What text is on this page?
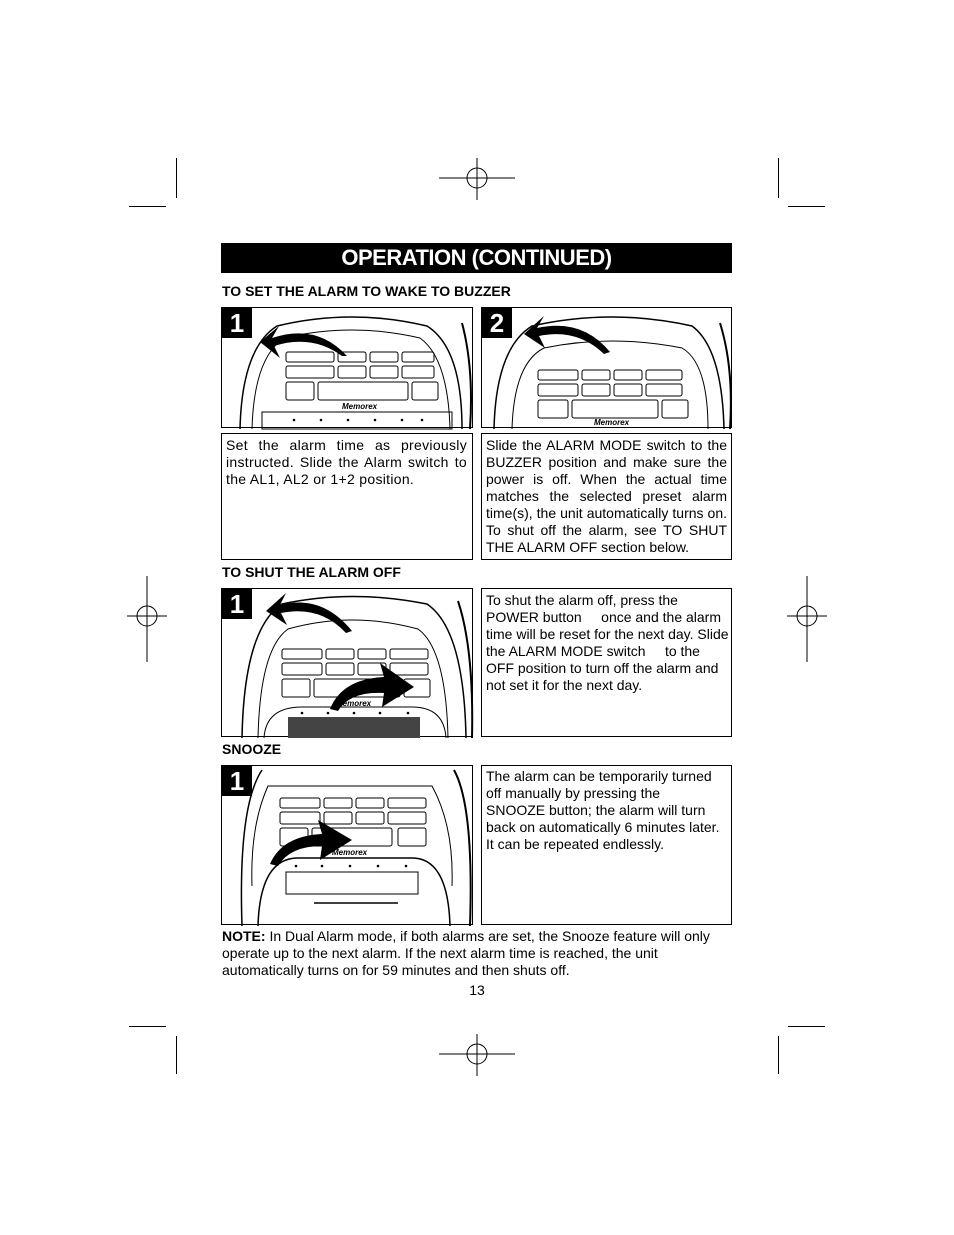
OPERATION (CONTINUED)
TO SET THE ALARM TO WAKE TO BUZZER
1
Memorex
2
Memorex
Set the alarm time as previously instructed. Slide the Alarm switch to the AL1, AL2 or 1+2 position.
Slide the ALARM MODE switch to the BUZZER position and make sure the power is off. When the actual time matches the selected preset alarm time(s), the unit automatically turns on. To shut off the alarm, see TO SHUT THE ALARM OFF section below.
TO SHUT THE ALARM OFF
1
Memorex
To shut the alarm off, press the POWER button     once and the alarm time will be reset for the next day. Slide the ALARM MODE switch     to the OFF position to turn off the alarm and not set it for the next day.
SNOOZE
1
Memorex
The alarm can be temporarily turned off manually by pressing the SNOOZE button; the alarm will turn back on automatically 6 minutes later. It can be repeated endlessly.
NOTE: In Dual Alarm mode, if both alarms are set, the Snooze feature will only operate up to the next alarm. If the next alarm time is reached, the unit automatically turns on for 59 minutes and then shuts off.
13
